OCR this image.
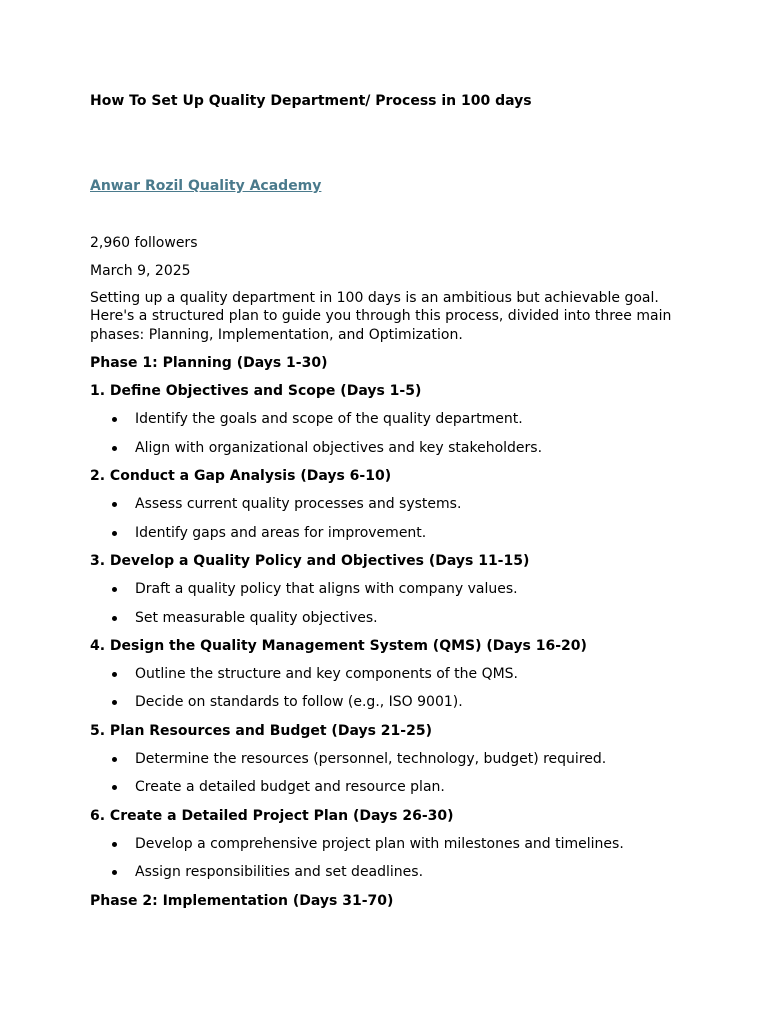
How To Set Up Quality Department/ Process in 100 days
Anwar Rozil Quality Academy
2,960 followers
March 9, 2025

Setting up a quality department in 100 days is an ambitious but achievable goal. Here's a structured plan to guide you through this process, divided into three main phases: Planning, Implementation, and Optimization.

Phase 1: Planning (Days 1-30)
1. Define Objectives and Scope (Days 1-5)
Identify the goals and scope of the quality department.
Align with organizational objectives and key stakeholders.
2. Conduct a Gap Analysis (Days 6-10)
Assess current quality processes and systems.
Identify gaps and areas for improvement.
3. Develop a Quality Policy and Objectives (Days 11-15)
Draft a quality policy that aligns with company values.
Set measurable quality objectives.
4. Design the Quality Management System (QMS) (Days 16-20)
Outline the structure and key components of the QMS.
Decide on standards to follow (e.g., ISO 9001).
5. Plan Resources and Budget (Days 21-25)
Determine the resources (personnel, technology, budget) required.
Create a detailed budget and resource plan.
6. Create a Detailed Project Plan (Days 26-30)
Develop a comprehensive project plan with milestones and timelines.
Assign responsibilities and set deadlines.
Phase 2: Implementation (Days 31-70)
